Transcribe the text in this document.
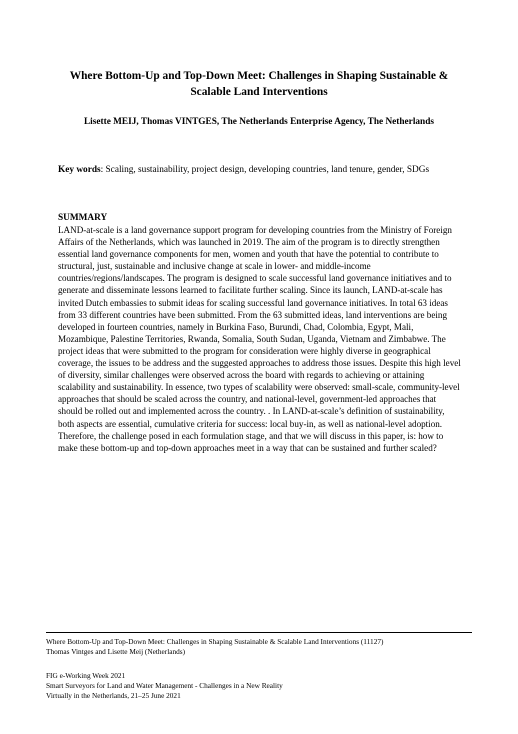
Where Bottom-Up and Top-Down Meet: Challenges in Shaping Sustainable & Scalable Land Interventions
Lisette MEIJ, Thomas VINTGES, The Netherlands Enterprise Agency, The Netherlands
Key words: Scaling, sustainability, project design, developing countries, land tenure, gender, SDGs
SUMMARY
LAND-at-scale is a land governance support program for developing countries from the Ministry of Foreign Affairs of the Netherlands, which was launched in 2019. The aim of the program is to directly strengthen essential land governance components for men, women and youth that have the potential to contribute to structural, just, sustainable and inclusive change at scale in lower- and middle-income countries/regions/landscapes. The program is designed to scale successful land governance initiatives and to generate and disseminate lessons learned to facilitate further scaling. Since its launch, LAND-at-scale has invited Dutch embassies to submit ideas for scaling successful land governance initiatives. In total 63 ideas from 33 different countries have been submitted. From the 63 submitted ideas, land interventions are being developed in fourteen countries, namely in Burkina Faso, Burundi, Chad, Colombia, Egypt, Mali, Mozambique, Palestine Territories, Rwanda, Somalia, South Sudan, Uganda, Vietnam and Zimbabwe. The project ideas that were submitted to the program for consideration were highly diverse in geographical coverage, the issues to be address and the suggested approaches to address those issues. Despite this high level of diversity, similar challenges were observed across the board with regards to achieving or attaining scalability and sustainability. In essence, two types of scalability were observed: small-scale, community-level approaches that should be scaled across the country, and national-level, government-led approaches that should be rolled out and implemented across the country. . In LAND-at-scale’s definition of sustainability, both aspects are essential, cumulative criteria for success: local buy-in, as well as national-level adoption. Therefore, the challenge posed in each formulation stage, and that we will discuss in this paper, is: how to make these bottom-up and top-down approaches meet in a way that can be sustained and further scaled?
Where Bottom-Up and Top-Down Meet: Challenges in Shaping Sustainable & Scalable Land Interventions (11127)
Thomas Vintges and Lisette Meij (Netherlands)
FIG e-Working Week 2021
Smart Surveyors for Land and Water Management - Challenges in a New Reality
Virtually in the Netherlands, 21–25 June 2021
